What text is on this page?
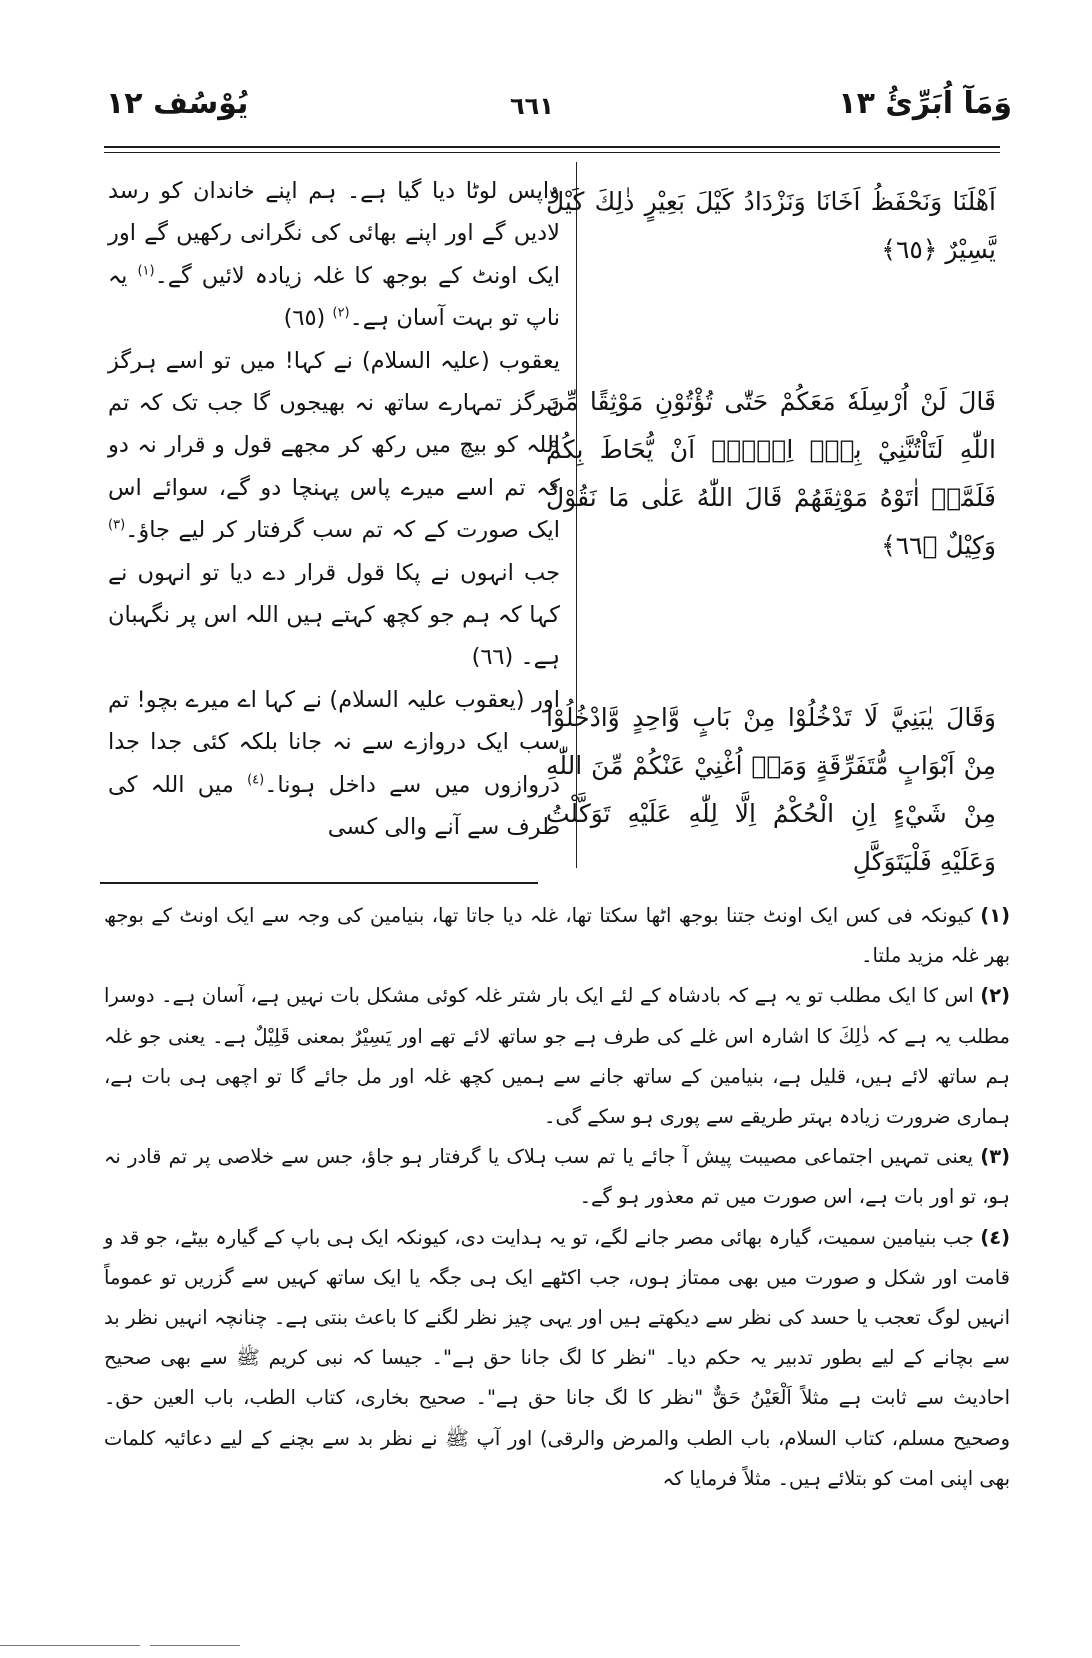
وَمَآ اُبَرِّئُ ١٣
٦٦١
یُوْسُف ١٢
اَهْلَنَا وَنَحْفَظُ اَخَانَا وَنَزْدَادُ كَيْلَ بَعِيْرٍ ذٰلِكَ كَيْلٌ يَّسِيْرٌ ﴿٦٥﴾
قَالَ لَنْ اُرْسِلَهٗ مَعَكُمْ حَتّٰى تُؤْتُوْنِ مَوْثِقًا مِّنَ اللّٰهِ لَتَاْتُنَّنِيْ بِهٖۤ اِلَّاۤ اَنْ يُّحَاطَ بِكُمْ فَلَمَّاۤ اٰتَوْهُ مَوْثِقَهُمْ قَالَ اللّٰهُ عَلٰى مَا نَقُوْلُ وَكِيْلٌ ﴿٦٦﴾
وَقَالَ يٰبَنِيَّ لَا تَدْخُلُوْا مِنْ بَابٍ وَّاحِدٍ وَّادْخُلُوْا مِنْ اَبْوَابٍ مُّتَفَرِّقَةٍ وَمَاۤ اُغْنِيْ عَنْكُمْ مِّنَ اللّٰهِ مِنْ شَيْءٍ اِنِ الْحُكْمُ اِلَّا لِلّٰهِ عَلَيْهِ تَوَكَّلْتُ وَعَلَيْهِ فَلْيَتَوَكَّلِ

واپس لوٹا دیا گیا ہے۔ ہم اپنے خاندان کو رسد لادیں گے اور اپنے بھائی کی نگرانی رکھیں گے اور ایک اونٹ کے بوجھ کا غلہ زیادہ لائیں گے۔$^{(١)}$ یہ ناپ تو بہت آسان ہے۔$^{(٢)}$ (٦٥)

یعقوب (علیہ السلام) نے کہا! میں تو اسے ہرگز ہرگز تمہارے ساتھ نہ بھیجوں گا جب تک کہ تم اللہ کو بیچ میں رکھ کر مجھے قول و قرار نہ دو کہ تم اسے میرے پاس پہنچا دو گے، سوائے اس ایک صورت کے کہ تم سب گرفتار کر لیے جاؤ۔$^{(٣)}$ جب انہوں نے پکا قول قرار دے دیا تو انہوں نے کہا کہ ہم جو کچھ کہتے ہیں اللہ اس پر نگہبان ہے۔ (٦٦)

اور (یعقوب علیہ السلام) نے کہا اے میرے بچو! تم سب ایک دروازے سے نہ جانا بلکہ کئی جدا جدا دروازوں میں سے داخل ہونا۔$^{(٤)}$ میں اللہ کی طرف سے آنے والی کسی

(١) کیونکہ فی کس ایک اونٹ جتنا بوجھ اٹھا سکتا تھا، غلہ دیا جاتا تھا، بنیامین کی وجہ سے ایک اونٹ کے بوجھ بھر غلہ مزید ملتا۔

(٢) اس کا ایک مطلب تو یہ ہے کہ بادشاہ کے لئے ایک بار شتر غلہ کوئی مشکل بات نہیں ہے، آسان ہے۔ دوسرا مطلب یہ ہے کہ ذٰلِكَ کا اشارہ اس غلے کی طرف ہے جو ساتھ لائے تھے اور یَسِیْرٌ بمعنی قَلِیْلٌ ہے۔ یعنی جو غلہ ہم ساتھ لائے ہیں، قلیل ہے، بنیامین کے ساتھ جانے سے ہمیں کچھ غلہ اور مل جائے گا تو اچھی ہی بات ہے، ہماری ضرورت زیادہ بہتر طریقے سے پوری ہو سکے گی۔

(٣) یعنی تمہیں اجتماعی مصیبت پیش آ جائے یا تم سب ہلاک یا گرفتار ہو جاؤ، جس سے خلاصی پر تم قادر نہ ہو، تو اور بات ہے، اس صورت میں تم معذور ہو گے۔

(٤) جب بنیامین سمیت، گیارہ بھائی مصر جانے لگے، تو یہ ہدایت دی، کیونکہ ایک ہی باپ کے گیارہ بیٹے، جو قد و قامت اور شکل و صورت میں بھی ممتاز ہوں، جب اکٹھے ایک ہی جگہ یا ایک ساتھ کہیں سے گزریں تو عموماً انہیں لوگ تعجب یا حسد کی نظر سے دیکھتے ہیں اور یہی چیز نظر لگنے کا باعث بنتی ہے۔ چنانچہ انہیں نظر بد سے بچانے کے لیے بطور تدبیر یہ حکم دیا۔ "نظر کا لگ جانا حق ہے"۔ جیسا کہ نبی کریم ﷺ سے بھی صحیح احادیث سے ثابت ہے مثلاً اَلْعَیْنُ حَقٌّ "نظر کا لگ جانا حق ہے"۔ صحیح بخاری، کتاب الطب، باب العین حق۔ وصحیح مسلم، کتاب السلام، باب الطب والمرض والرقی) اور آپ ﷺ نے نظر بد سے بچنے کے لیے دعائیہ کلمات بھی اپنی امت کو بتلائے ہیں۔ مثلاً فرمایا کہ
